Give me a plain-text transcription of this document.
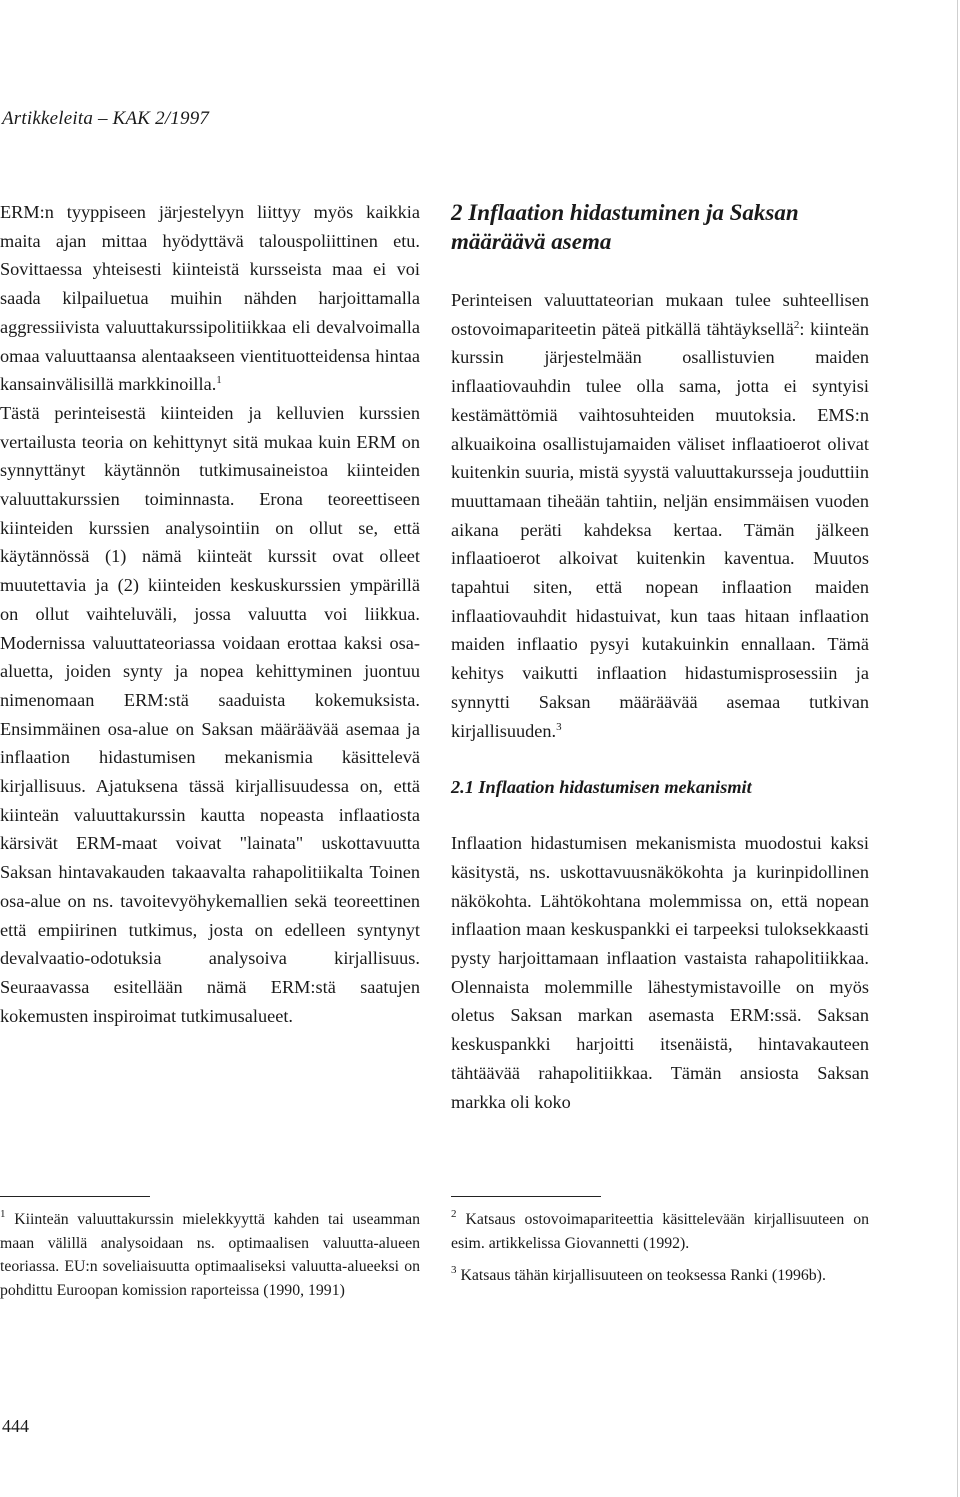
Artikkeleita – KAK 2/1997

ERM:n tyyppiseen järjestelyyn liittyy myös kaikkia maita ajan mittaa hyödyttävä talouspoliittinen etu. Sovittaessa yhteisesti kiinteistä kursseista maa ei voi saada kilpailuetua muihin nähden harjoittamalla aggressiivista valuuttakurssipolitiikkaa eli devalvoimalla omaa valuuttaansa alentaakseen vientituotteidensa hintaa kansainvälisillä markkinoilla.$^1$

Tästä perinteisestä kiinteiden ja kelluvien kurssien vertailusta teoria on kehittynyt sitä mukaa kuin ERM on synnyttänyt käytännön tutkimusaineistoa kiinteiden valuuttakurssien toiminnasta. Erona teoreettiseen kiinteiden kurssien analysointiin on ollut se, että käytännössä (1) nämä kiinteät kurssit ovat olleet muutettavia ja (2) kiinteiden keskuskurssien ympärillä on ollut vaihteluväli, jossa valuutta voi liikkua. Modernissa valuuttateoriassa voidaan erottaa kaksi osa-aluetta, joiden synty ja nopea kehittyminen juontuu nimenomaan ERM:stä saaduista kokemuksista. Ensimmäinen osa-alue on Saksan määräävää asemaa ja inflaation hidastumisen mekanismia käsittelevä kirjallisuus. Ajatuksena tässä kirjallisuudessa on, että kiinteän valuuttakurssin kautta nopeasta inflaatiosta kärsivät ERM-maat voivat "lainata" uskottavuutta Saksan hintavakauden takaavalta rahapolitiikalta Toinen osa-alue on ns. tavoitevyöhykemallien sekä teoreettinen että empiirinen tutkimus, josta on edelleen syntynyt devalvaatio-odotuksia analysoiva kirjallisuus. Seuraavassa esitellään nämä ERM:stä saatujen kokemusten inspiroimat tutkimusalueet.

2 Inflaation hidastuminen ja Saksan määräävä asema

Perinteisen valuuttateorian mukaan tulee suhteellisen ostovoimapariteetin päteä pitkällä tähtäyksellä$^2$: kiinteän kurssin järjestelmään osallistuvien maiden inflaatiovauhdin tulee olla sama, jotta ei syntyisi kestämättömiä vaihtosuhteiden muutoksia. EMS:n alkuaikoina osallistujamaiden väliset inflaatioerot olivat kuitenkin suuria, mistä syystä valuuttakursseja jouduttiin muuttamaan tiheään tahtiin, neljän ensimmäisen vuoden aikana peräti kahdeksa kertaa. Tämän jälkeen inflaatioerot alkoivat kuitenkin kaventua. Muutos tapahtui siten, että nopean inflaation maiden inflaatiovauhdit hidastuivat, kun taas hitaan inflaation maiden inflaatio pysyi kutakuinkin ennallaan. Tämä kehitys vaikutti inflaation hidastumisprosessiin ja synnytti Saksan määräävää asemaa tutkivan kirjallisuuden.$^3$

2.1 Inflaation hidastumisen mekanismit

Inflaation hidastumisen mekanismista muodostui kaksi käsitystä, ns. uskottavuusnäkökohta ja kurinpidollinen näkökohta. Lähtökohtana molemmissa on, että nopean inflaation maan keskuspankki ei tarpeeksi tuloksekkaasti pysty harjoittamaan inflaation vastaista rahapolitiikkaa. Olennaista molemmille lähestymistavoille on myös oletus Saksan markan asemasta ERM:ssä. Saksan keskuspankki harjoitti itsenäistä, hintavakauteen tähtäävää rahapolitiikkaa. Tämän ansiosta Saksan markka oli koko

$^1$ Kiinteän valuuttakurssin mielekkyyttä kahden tai useamman maan välillä analysoidaan ns. optimaalisen valuutta-alueen teoriassa. EU:n soveliaisuutta optimaaliseksi valuutta-alueeksi on pohdittu Euroopan komission raporteissa (1990, 1991)

$^2$ Katsaus ostovoimapariteettia käsittelevään kirjallisuuteen on esim. artikkelissa Giovannetti (1992).

$^3$ Katsaus tähän kirjallisuuteen on teoksessa Ranki (1996b).

444
